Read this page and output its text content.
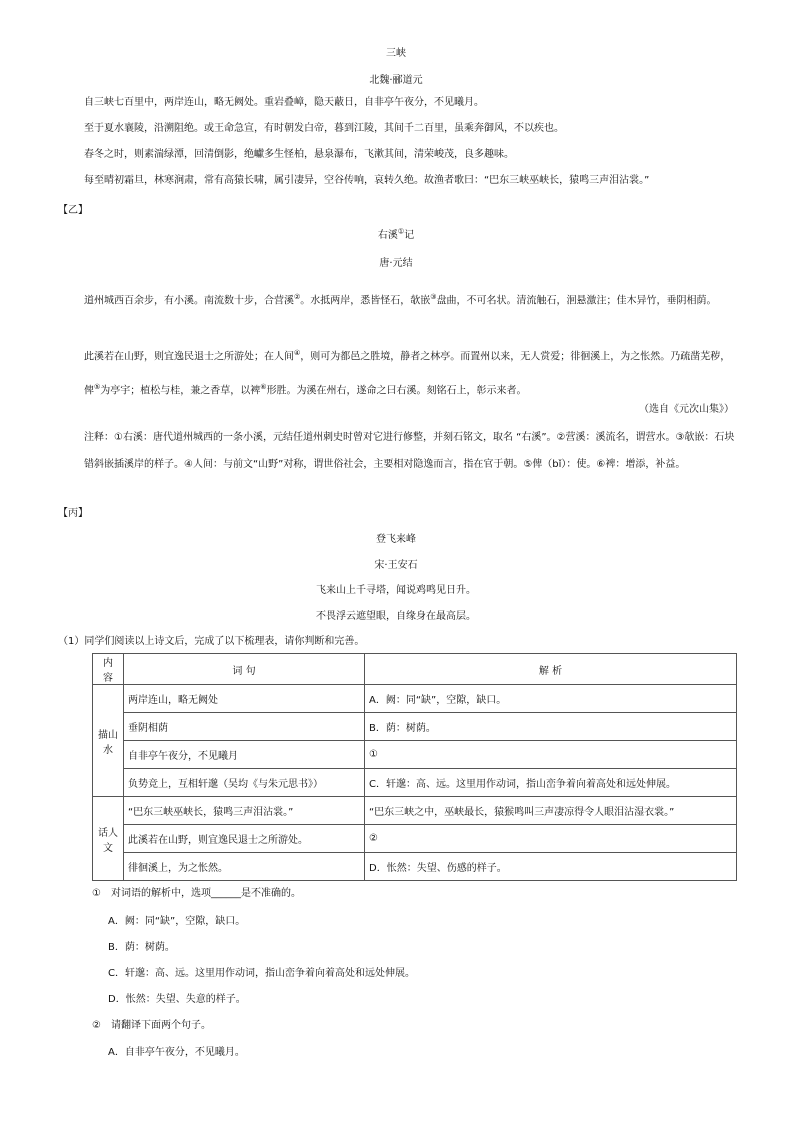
三峡
北魏·郦道元
自三峡七百里中，两岸连山，略无阙处。重岩叠嶂，隐天蔽日，自非亭午夜分，不见曦月。
至于夏水襄陵，沿溯阻绝。或王命急宣，有时朝发白帝，暮到江陵，其间千二百里，虽乘奔御风，不以疾也。
春冬之时，则素湍绿潭，回清倒影，绝巘多生怪柏，悬泉瀑布，飞漱其间，清荣峻茂，良多趣味。
每至晴初霜旦，林寒涧肃，常有高猿长啸，属引凄异，空谷传响，哀转久绝。故渔者歌曰：“巴东三峡巫峡长，猿鸣三声泪沾裳。”
【乙】
右溪①记
唐·元结
道州城西百余步，有小溪。南流数十步，合营溪②。水抵两岸，悉皆怪石，欹嵌③盘曲，不可名状。清流触石，洄悬激注；佳木异竹，垂阴相荫。
此溪若在山野，则宜逸民退士之所游处；在人间④，则可为都邑之胜境，静者之林亭。而置州以来，无人赏爱；徘徊溪上，为之怅然。乃疏凿芜秽，俾⑤为亭宇；植松与桂，兼之香草，以裨⑥形胜。为溪在州右，遂命之曰右溪。刻铭石上，彰示来者。
（选自《元次山集》）
注释：①右溪：唐代道州城西的一条小溪，元结任道州刺史时曾对它进行修整，并刻石铭文，取名 “右溪”。②营溪：溪流名，谓营水。③欹嵌：石块错斜嵌插溪岸的样子。④人间：与前文“山野”对称，谓世俗社会，主要相对隐逸而言，指在官于朝。⑤俾（bǐ）：使。⑥裨：增添，补益。
【丙】
登飞来峰
宋·王安石
飞来山上千寻塔，闻说鸡鸣见日升。
不畏浮云遮望眼，自缘身在最高层。
（1）同学们阅读以上诗文后，完成了以下梳理表，请你判断和完善。
内 容	词 句	解 析
描山水	两岸连山，略无阙处	A．阙：同“缺”，空隙，缺口。
	垂阴相荫	B．荫：树荫。
	自非亭午夜分，不见曦月	①
	负势竞上，互相轩邈（吴均《与朱元思书》）	C．轩邈：高、远。这里用作动词，指山峦争着向着高处和远处伸展。
话人文	“巴东三峡巫峡长，猿鸣三声泪沾裳。”	“巴东三峡之中，巫峡最长，猿猴鸣叫三声凄凉得令人眼泪沾湿衣裳。”
	此溪若在山野，则宜逸民退士之所游处。	②
	徘徊溪上，为之怅然。	D．怅然：失望、伤感的样子。
① 对词语的解析中，选项______是不准确的。
A．阙：同“缺”，空隙，缺口。
B．荫：树荫。
C．轩邈：高、远。这里用作动词，指山峦争着向着高处和远处伸展。
D．怅然：失望、失意的样子。
② 请翻译下面两个句子。
A．自非亭午夜分，不见曦月。
